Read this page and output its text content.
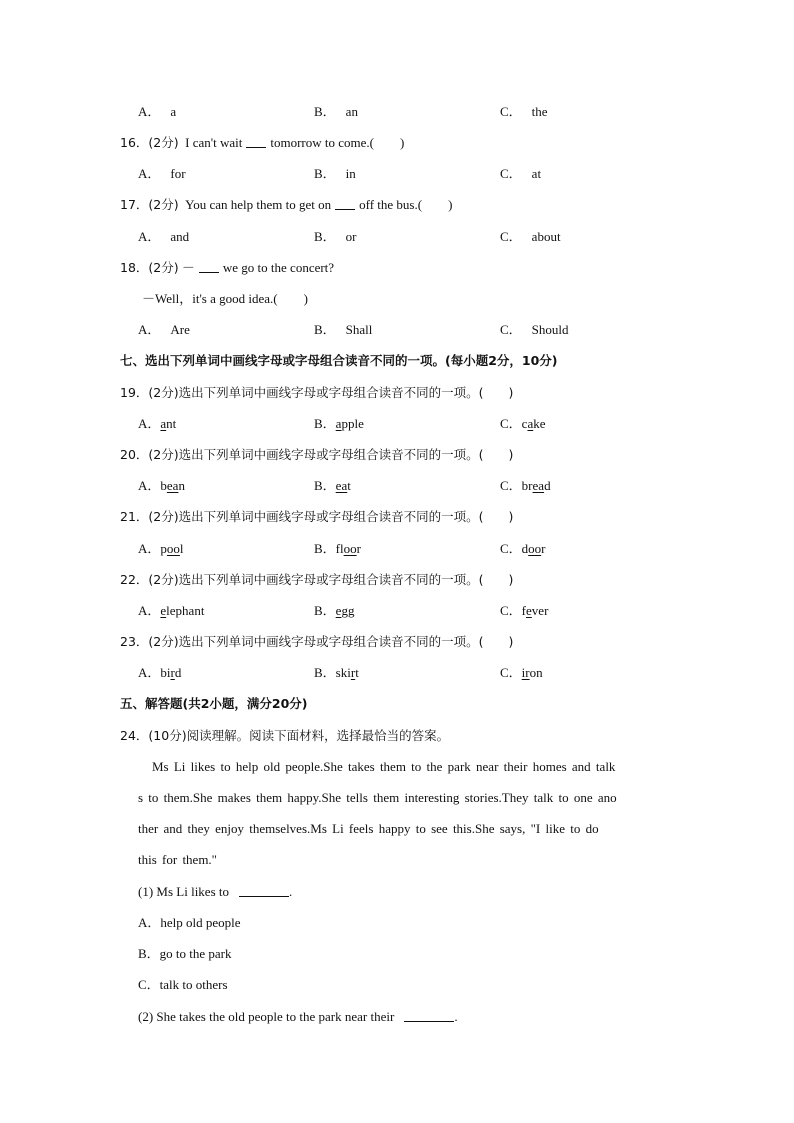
A． a	B． an	C． the
16．(2分) I can't wait tomorrow to come.(　　)
A． for	B． in	C． at
17．(2分) You can help them to get on off the bus.(　　)
A． and	B． or	C． about
18．(2分) － we go to the concert?
－Well，it's a good idea.(　　)
A． Are	B． Shall	C． Should
七、选出下列单词中画线字母或字母组合读音不同的一项。(每小题2分，10分)
19．(2分)选出下列单词中画线字母或字母组合读音不同的一项。(　　)
A．ant	B．apple	C．cake
20．(2分)选出下列单词中画线字母或字母组合读音不同的一项。(　　)
A．bean	B．eat	C．bread
21．(2分)选出下列单词中画线字母或字母组合读音不同的一项。(　　)
A．pool	B．floor	C．door
22．(2分)选出下列单词中画线字母或字母组合读音不同的一项。(　　)
A．elephant	B．egg	C．fever
23．(2分)选出下列单词中画线字母或字母组合读音不同的一项。(　　)
A．bird	B．skirt	C．iron
五、解答题(共2小题，满分20分)
24．(10分)阅读理解。阅读下面材料，选择最恰当的答案。
Ms Li likes to help old people.She takes them to the park near their homes and talk
s to them.She makes them happy.She tells them interesting stories.They talk to one ano
ther and they enjoy themselves.Ms Li feels happy to see this.She says, "I like to do
this for them."
(1) Ms Li likes to	.
A．help old people
B．go to the park
C．talk to others
(2) She takes the old people to the park near their	.
